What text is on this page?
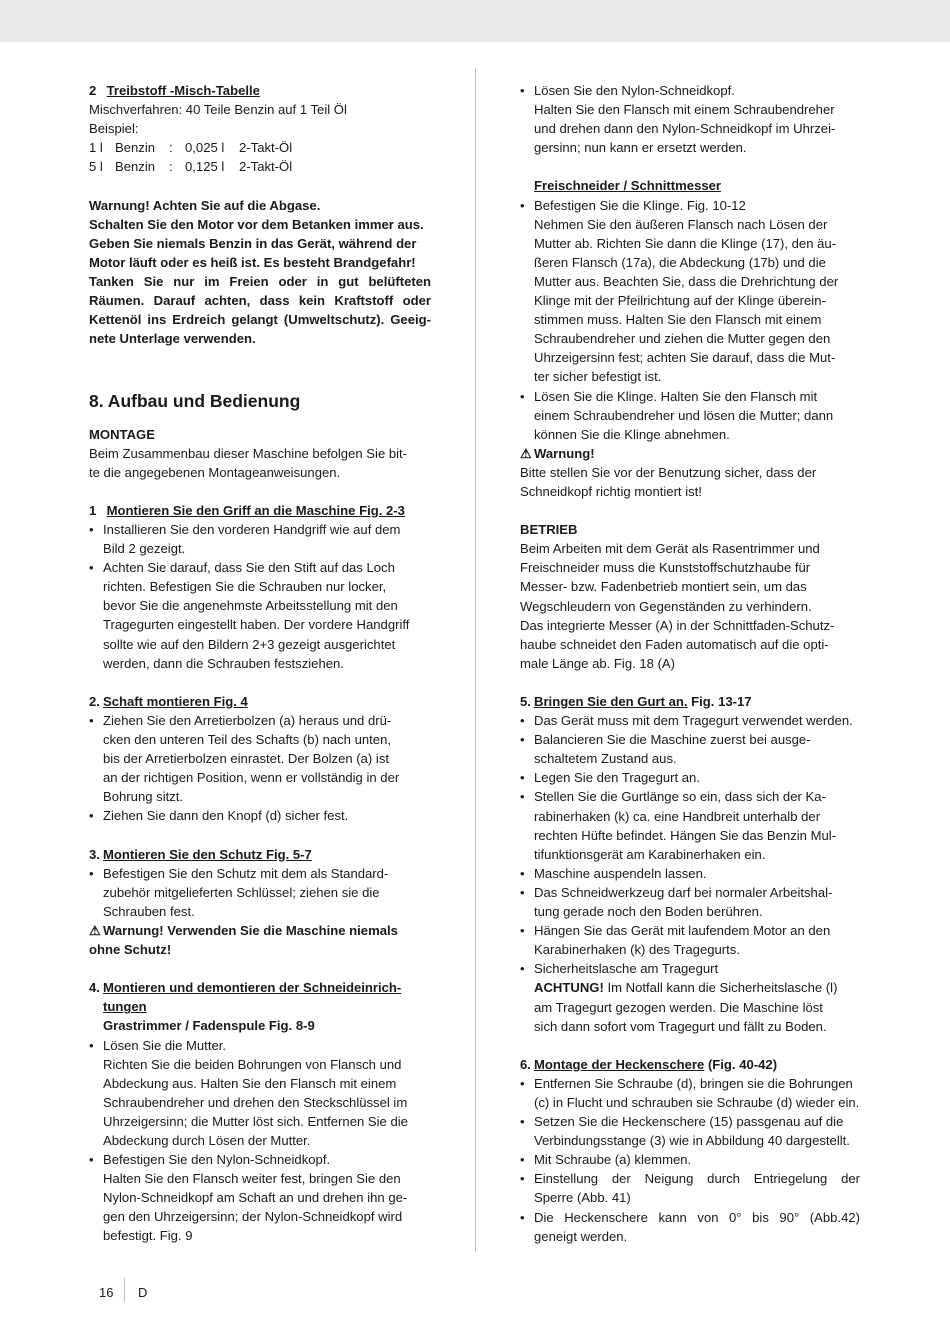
2 Treibstoff -Misch-Tabelle
Mischverfahren: 40 Teile Benzin auf 1 Teil Öl
Beispiel:
1 l Benzin : 0,025 l 2-Takt-Öl
5 l Benzin : 0,125 l 2-Takt-Öl
Warnung! Achten Sie auf die Abgase.
Schalten Sie den Motor vor dem Betanken immer aus.
Geben Sie niemals Benzin in das Gerät, während der
Motor läuft oder es heiß ist. Es besteht Brandgefahr!
Tanken Sie nur im Freien oder in gut belüfteten
Räumen. Darauf achten, dass kein Kraftstoff oder
Kettenöl ins Erdreich gelangt (Umweltschutz). Geeig-
nete Unterlage verwenden.
8. Aufbau und Bedienung
MONTAGE
Beim Zusammenbau dieser Maschine befolgen Sie bit-
te die angegebenen Montageanweisungen.
1 Montieren Sie den Griff an die Maschine Fig. 2-3
• Installieren Sie den vorderen Handgriff wie auf dem
Bild 2 gezeigt.
• Achten Sie darauf, dass Sie den Stift auf das Loch
richten. Befestigen Sie die Schrauben nur locker,
bevor Sie die angenehmste Arbeitsstellung mit den
Tragegurten eingestellt haben. Der vordere Handgriff
sollte wie auf den Bildern 2+3 gezeigt ausgerichtet
werden, dann die Schrauben festsziehen.
2. Schaft montieren Fig. 4
• Ziehen Sie den Arretierbolzen (a) heraus und drü-
cken den unteren Teil des Schafts (b) nach unten,
bis der Arretierbolzen einrastet. Der Bolzen (a) ist
an der richtigen Position, wenn er vollständig in der
Bohrung sitzt.
• Ziehen Sie dann den Knopf (d) sicher fest.
3. Montieren Sie den Schutz Fig. 5-7
• Befestigen Sie den Schutz mit dem als Standard-
zubehör mitgelieferten Schlüssel; ziehen sie die
Schrauben fest.
⚠ Warnung! Verwenden Sie die Maschine niemals
ohne Schutz!
4. Montieren und demontieren der Schneideinrich-
tungen
Grastrimmer / Fadenspule Fig. 8-9
• Lösen Sie die Mutter.
Richten Sie die beiden Bohrungen von Flansch und
Abdeckung aus. Halten Sie den Flansch mit einem
Schraubendreher und drehen den Steckschlüssel im
Uhrzeigersinn; die Mutter löst sich. Entfernen Sie die
Abdeckung durch Lösen der Mutter.
• Befestigen Sie den Nylon-Schneidkopf.
Halten Sie den Flansch weiter fest, bringen Sie den
Nylon-Schneidkopf am Schaft an und drehen ihn ge-
gen den Uhrzeigersinn; der Nylon-Schneidkopf wird
befestigt. Fig. 9
• Lösen Sie den Nylon-Schneidkopf.
Halten Sie den Flansch mit einem Schraubendreher
und drehen dann den Nylon-Schneidkopf im Uhrzei-
gersinn; nun kann er ersetzt werden.
Freischneider / Schnittmesser
• Befestigen Sie die Klinge. Fig. 10-12
Nehmen Sie den äußeren Flansch nach Lösen der
Mutter ab. Richten Sie dann die Klinge (17), den äu-
ßeren Flansch (17a), die Abdeckung (17b) und die
Mutter aus. Beachten Sie, dass die Drehrichtung der
Klinge mit der Pfeilrichtung auf der Klinge überein-
stimmen muss. Halten Sie den Flansch mit einem
Schraubendreher und ziehen die Mutter gegen den
Uhrzeigersinn fest; achten Sie darauf, dass die Mut-
ter sicher befestigt ist.
• Lösen Sie die Klinge. Halten Sie den Flansch mit
einem Schraubendreher und lösen die Mutter; dann
können Sie die Klinge abnehmen.
⚠ Warnung!
Bitte stellen Sie vor der Benutzung sicher, dass der
Schneidkopf richtig montiert ist!
BETRIEB
Beim Arbeiten mit dem Gerät als Rasentrimmer und
Freischneider muss die Kunststoffschutzhaube für
Messer- bzw. Fadenbetrieb montiert sein, um das
Wegschleudern von Gegenständen zu verhindern.
Das integrierte Messer (A) in der Schnittfaden-Schutz-
haube schneidet den Faden automatisch auf die opti-
male Länge ab. Fig. 18 (A)
5. Bringen Sie den Gurt an. Fig. 13-17
• Das Gerät muss mit dem Tragegurt verwendet werden.
• Balancieren Sie die Maschine zuerst bei ausge-
schaltetem Zustand aus.
• Legen Sie den Tragegurt an.
• Stellen Sie die Gurtlänge so ein, dass sich der Ka-
rabinerhaken (k) ca. eine Handbreit unterhalb der
rechten Hüfte befindet. Hängen Sie das Benzin Mul-
tifunktionsgerät am Karabinerhaken ein.
• Maschine auspendeln lassen.
• Das Schneidwerkzeug darf bei normaler Arbeitshal-
tung gerade noch den Boden berühren.
• Hängen Sie das Gerät mit laufendem Motor an den
Karabinerhaken (k) des Tragegurts.
• Sicherheitslasche am Tragegurt
ACHTUNG! Im Notfall kann die Sicherheitslasche (l)
am Tragegurt gezogen werden. Die Maschine löst
sich dann sofort vom Tragegurt und fällt zu Boden.
6. Montage der Heckenschere (Fig. 40-42)
• Entfernen Sie Schraube (d), bringen sie die Bohrungen
(c) in Flucht und schrauben sie Schraube (d) wieder ein.
• Setzen Sie die Heckenschere (15) passgenau auf die
Verbindungsstange (3) wie in Abbildung 40 dargestellt.
• Mit Schraube (a) klemmen.
• Einstellung der Neigung durch Entriegelung der
Sperre (Abb. 41)
• Die Heckenschere kann von 0° bis 90° (Abb.42)
geneigt werden.
16 D
